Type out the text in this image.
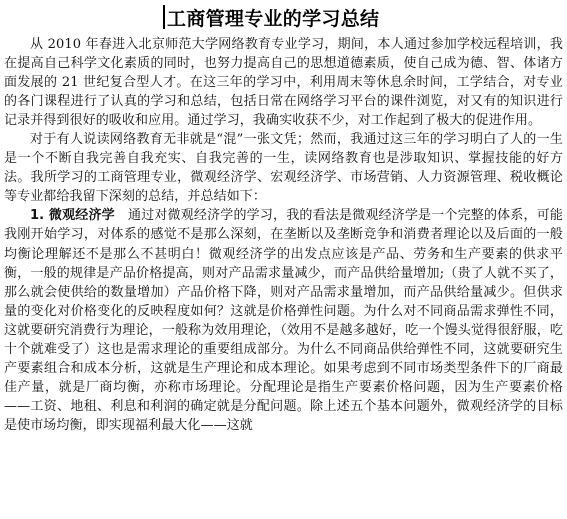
工商管理专业的学习总结

从 2010 年春进入北京师范大学网络教育专业学习，期间，本人通过参加学校远程培训，我在提高自己科学文化素质的同时，也努力提高自己的思想道德素质，使自己成为德、智、体诸方面发展的 21 世纪复合型人才。在这三年的学习中，利用周末等休息余时间，工学结合，对专业的各门课程进行了认真的学习和总结，包括日常在网络学习平台的课件浏览，对又有的知识进行记录并得到很好的吸收和应用。通过学习，我确实收获不少，对工作起到了极大的促进作用。

对于有人说读网络教育无非就是“混”一张文凭；然而，我通过这三年的学习明白了人的一生是一个不断自我完善自我充实、自我完善的一生，读网络教育也是涉取知识、掌握技能的好方法。我所学习的工商管理专业，微观经济学、宏观经济学、市场营销、人力资源管理、税收概论等专业都给我留下深刻的总结，并总结如下：

1. 微观经济学  通过对微观经济学的学习，我的看法是微观经济学是一个完整的体系，可能我刚开始学习，对体系的感觉不是那么深刻，在垄断以及垄断竞争和消费者理论以及后面的一般均衡论理解还不是那么不甚明白！微观经济学的出发点应该是产品、劳务和生产要素的供求平衡，一般的规律是产品价格提高，则对产品需求量减少，而产品供给量增加;（贵了人就不买了，那么就会使供给的数量增加）产品价格下降，则对产品需求量增加，而产品供给量减少。但供求量的变化对价格变化的反映程度如何？这就是价格弹性问题。为什么对不同商品需求弹性不同，这就要研究消费行为理论，一般称为效用理论，（效用不是越多越好，吃一个馒头觉得很舒服，吃十个就难受了）这也是需求理论的重要组成部分。为什么不同商品供给弹性不同，这就要研究生产要素组合和成本分析，这就是生产理论和成本理论。如果考虑到不同市场类型条件下的厂商最佳产量，就是厂商均衡，亦称市场理论。分配理论是指生产要素价格问题，因为生产要素价格——工资、地租、利息和利润的确定就是分配问题。除上述五个基本问题外，微观经济学的目标是使市场均衡，即实现福利最大化——这就
